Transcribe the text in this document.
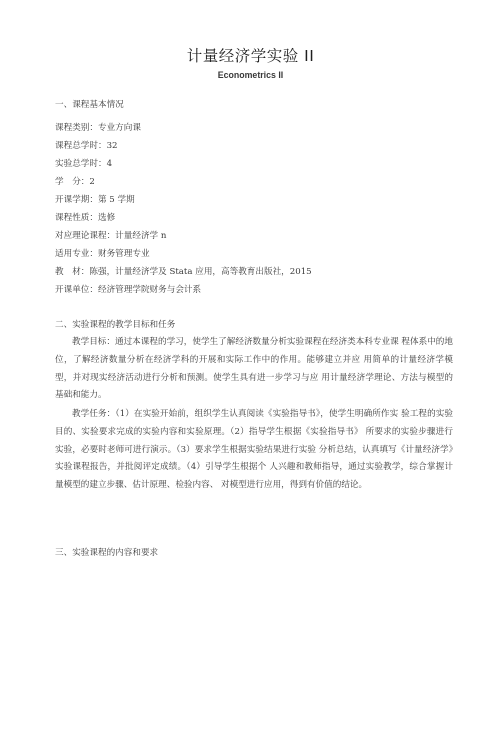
计量经济学实验 II
Econometrics II
一、课程基本情况
课程类别：专业方向课
课程总学时：32
实验总学时：4
学　分：2
开课学期：第 5 学期
课程性质：选修
对应理论课程：计量经济学 n
适用专业：财务管理专业
教　材：陈强，计量经济学及 Stata 应用，高等教育出版社，2015
开课单位：经济管理学院财务与会计系
二、实验课程的教学目标和任务
教学目标：通过本课程的学习，使学生了解经济数量分析实验课程在经济类本科专业课 程体系中的地位，了解经济数量分析在经济学科的开展和实际工作中的作用。能够建立并应 用简单的计量经济学模型，并对现实经济活动进行分析和预测。使学生具有进一步学习与应 用计量经济学理论、方法与模型的基础和能力。
教学任务：（1）在实验开始前，组织学生认真阅读《实验指导书》，使学生明确所作实 验工程的实验目的、实验要求完成的实验内容和实验原理。（2）指导学生根据《实验指导书》 所要求的实验步骤进行实验，必要时老师可进行演示。（3）要求学生根据实验结果进行实验 分析总结，认真填写《计量经济学》实验课程报告，并批阅评定成绩。（4）引导学生根据个 人兴趣和教师指导，通过实验教学，综合掌握计量模型的建立步骤、估计原理、检验内容、 对模型进行应用，得到有价值的结论。
三、实验课程的内容和要求
